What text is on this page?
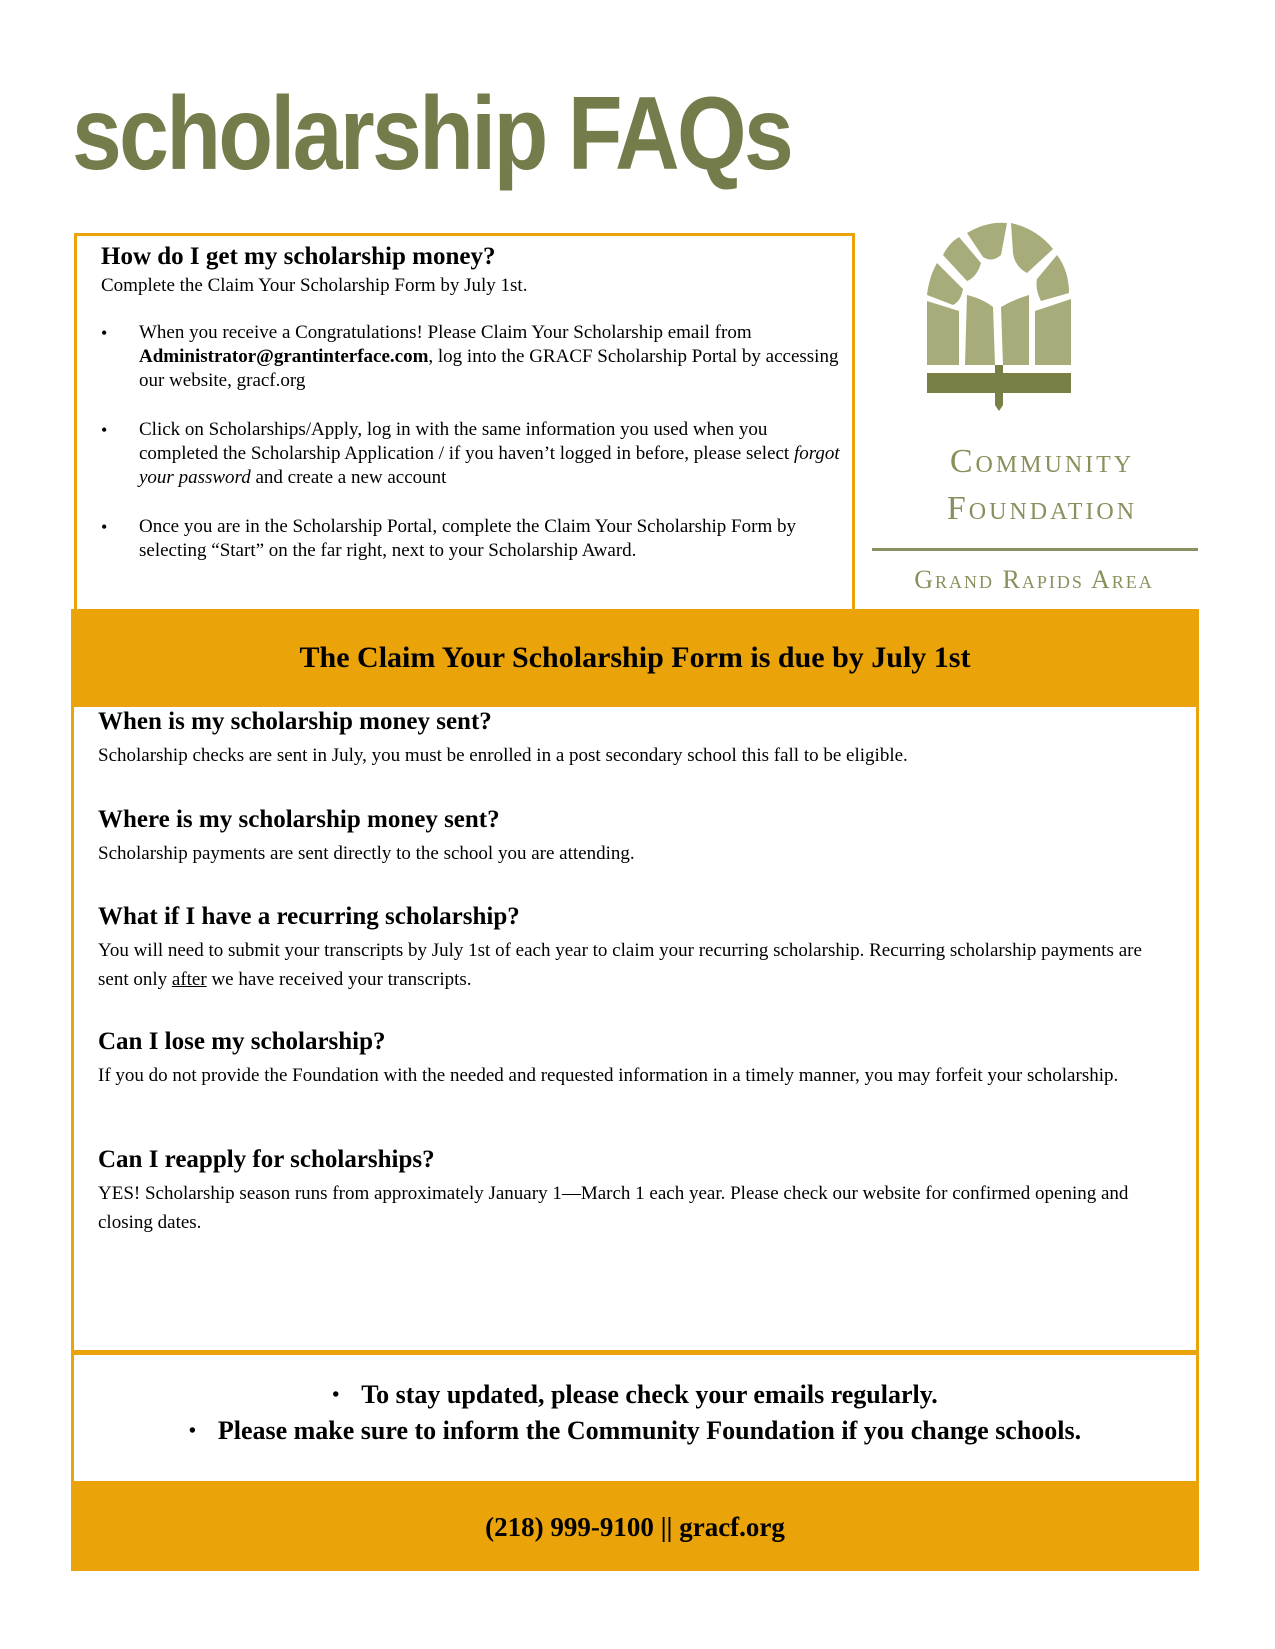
scholarship FAQs
How do I get my scholarship money?

Complete the Claim Your Scholarship Form by July 1st.

• When you receive a Congratulations! Please Claim Your Scholarship email from Administrator@grantinterface.com, log into the GRACF Scholarship Portal by accessing our website, gracf.org
• Click on Scholarships/Apply, log in with the same information you used when you completed the Scholarship Application / if you haven’t logged in before, please select forgot your password and create a new account
• Once you are in the Scholarship Portal, complete the Claim Your Scholarship Form by selecting “Start” on the far right, next to your Scholarship Award.
Community
Foundation
Grand Rapids Area
The Claim Your Scholarship Form is due by July 1st
When is my scholarship money sent?

Scholarship checks are sent in July, you must be enrolled in a post secondary school this fall to be eligible.

Where is my scholarship money sent?

Scholarship payments are sent directly to the school you are attending.

What if I have a recurring scholarship?

You will need to submit your transcripts by July 1st of each year to claim your recurring scholarship. Recurring scholarship payments are sent only after we have received your transcripts.

Can I lose my scholarship?

If you do not provide the Foundation with the needed and requested information in a timely manner, you may forfeit your scholarship.

Can I reapply for scholarships?

YES! Scholarship season runs from approximately January 1—March 1 each year. Please check our website for confirmed opening and closing dates.

• To stay updated, please check your emails regularly.
• Please make sure to inform the Community Foundation if you change schools.
(218) 999-9100 || gracf.org
